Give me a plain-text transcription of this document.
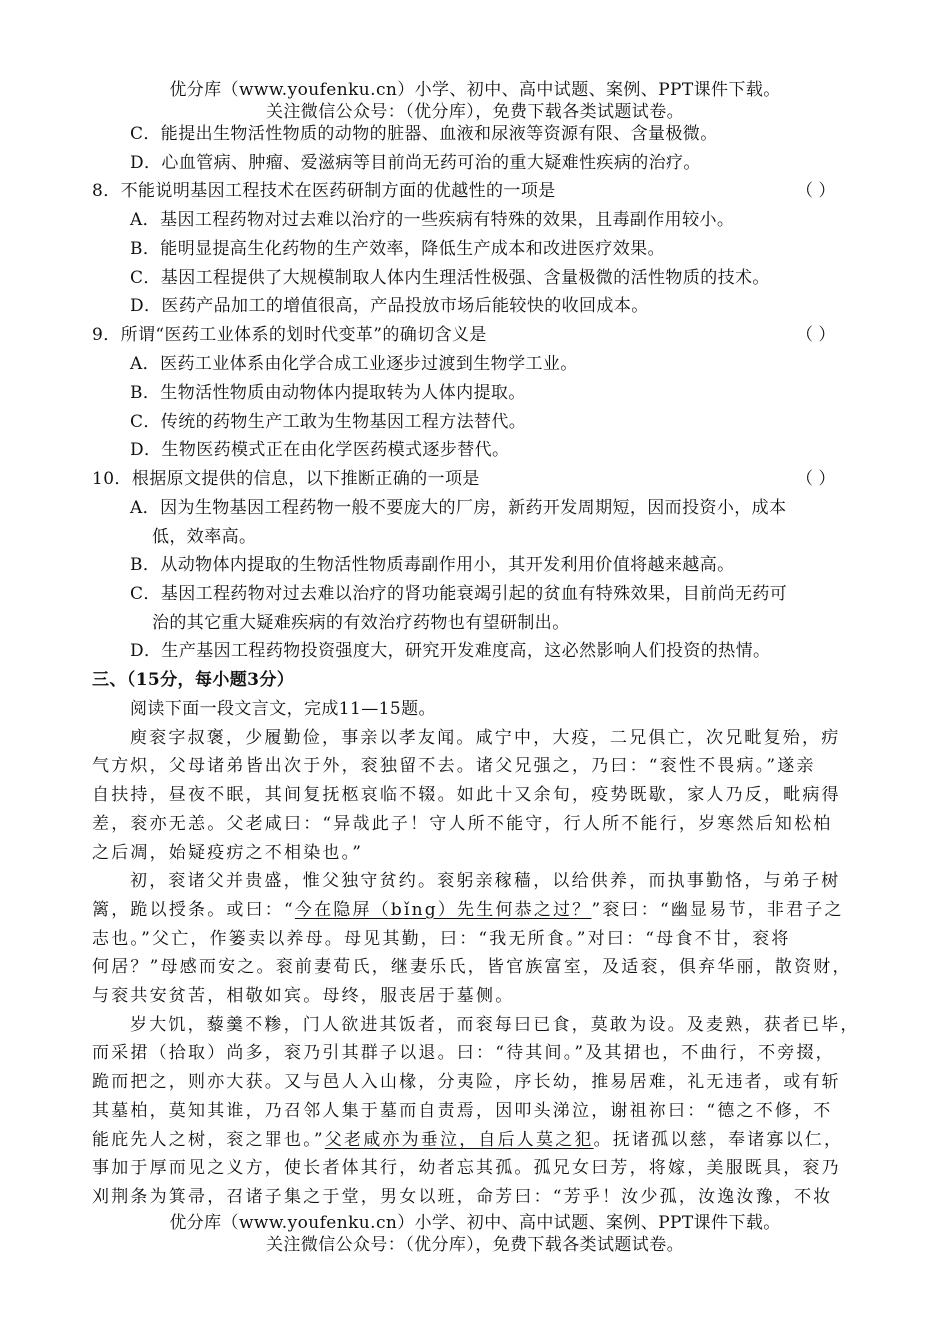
优分库（www.youfenku.cn）小学、初中、高中试题、案例、PPT课件下载。
关注微信公众号：（优分库），免费下载各类试题试卷。
C．能提出生物活性物质的动物的脏器、血液和尿液等资源有限、含量极微。
D．心血管病、肿瘤、爱滋病等目前尚无药可治的重大疑难性疾病的治疗。
8．不能说明基因工程技术在医药研制方面的优越性的一项是	（ ）
A．基因工程药物对过去难以治疗的一些疾病有特殊的效果，且毒副作用较小。
B．能明显提高生化药物的生产效率，降低生产成本和改进医疗效果。
C．基因工程提供了大规模制取人体内生理活性极强、含量极微的活性物质的技术。
D．医药产品加工的增值很高，产品投放市场后能较快的收回成本。
9．所谓“医药工业体系的划时代变革”的确切含义是	（ ）
A．医药工业体系由化学合成工业逐步过渡到生物学工业。
B．生物活性物质由动物体内提取转为人体内提取。
C．传统的药物生产工敢为生物基因工程方法替代。
D．生物医药模式正在由化学医药模式逐步替代。
10．根据原文提供的信息，以下推断正确的一项是	（ ）
A．因为生物基因工程药物一般不要庞大的厂房，新药开发周期短，因而投资小，成本
低，效率高。
B．从动物体内提取的生物活性物质毒副作用小，其开发利用价值将越来越高。
C．基因工程药物对过去难以治疗的肾功能衰竭引起的贫血有特殊效果，目前尚无药可
治的其它重大疑难疾病的有效治疗药物也有望研制出。
D．生产基因工程药物投资强度大，研究开发难度高，这必然影响人们投资的热情。
三、（15分，每小题3分）
阅读下面一段文言文，完成11—15题。
庾衮字叔褒，少履勤俭，事亲以孝友闻。咸宁中，大疫，二兄俱亡，次兄毗复殆，疠
气方炽，父母诸弟皆出次于外，衮独留不去。诸父兄强之，乃曰：“衮性不畏病。”遂亲
自扶持，昼夜不眠，其间复抚柩哀临不辍。如此十又余旬，疫势既歇，家人乃反，毗病得
差，衮亦无恙。父老咸曰：“异哉此子！守人所不能守，行人所不能行，岁寒然后知松柏
之后凋，始疑疫疠之不相染也。”
初，衮诸父并贵盛，惟父独守贫约。衮躬亲稼穑，以给供养，而执事勤恪，与弟子树
篱，跪以授条。或曰：“今在隐屏（bǐng）先生何恭之过？”衮曰：“幽显易节，非君子之
志也。”父亡，作篓卖以养母。母见其勤，曰：“我无所食。”对曰：“母食不甘，衮将
何居？”母感而安之。衮前妻荀氏，继妻乐氏，皆官族富室，及适衮，俱弃华丽，散资财，
与衮共安贫苦，相敬如宾。母终，服丧居于墓侧。
岁大饥，藜羹不糁，门人欲进其饭者，而衮每曰已食，莫敢为设。及麦熟，获者已毕，
而采捃（拾取）尚多，衮乃引其群子以退。曰：“待其间。”及其捃也，不曲行，不旁掇，
跪而把之，则亦大获。又与邑人入山椽，分夷险，序长幼，推易居难，礼无违者，或有斩
其墓柏，莫知其谁，乃召邻人集于墓而自责焉，因叩头涕泣，谢祖祢曰：“德之不修，不
能庇先人之树，衮之罪也。”父老咸亦为垂泣，自后人莫之犯。抚诸孤以慈，奉诸寡以仁，
事加于厚而见之义方，使长者体其行，幼者忘其孤。孤兄女曰芳，将嫁，美服既具，衮乃
刈荆条为箕帚，召诸子集之于堂，男女以班，命芳曰：“芳乎！汝少孤，汝逸汝豫，不妆
优分库（www.youfenku.cn）小学、初中、高中试题、案例、PPT课件下载。
关注微信公众号：（优分库），免费下载各类试题试卷。
